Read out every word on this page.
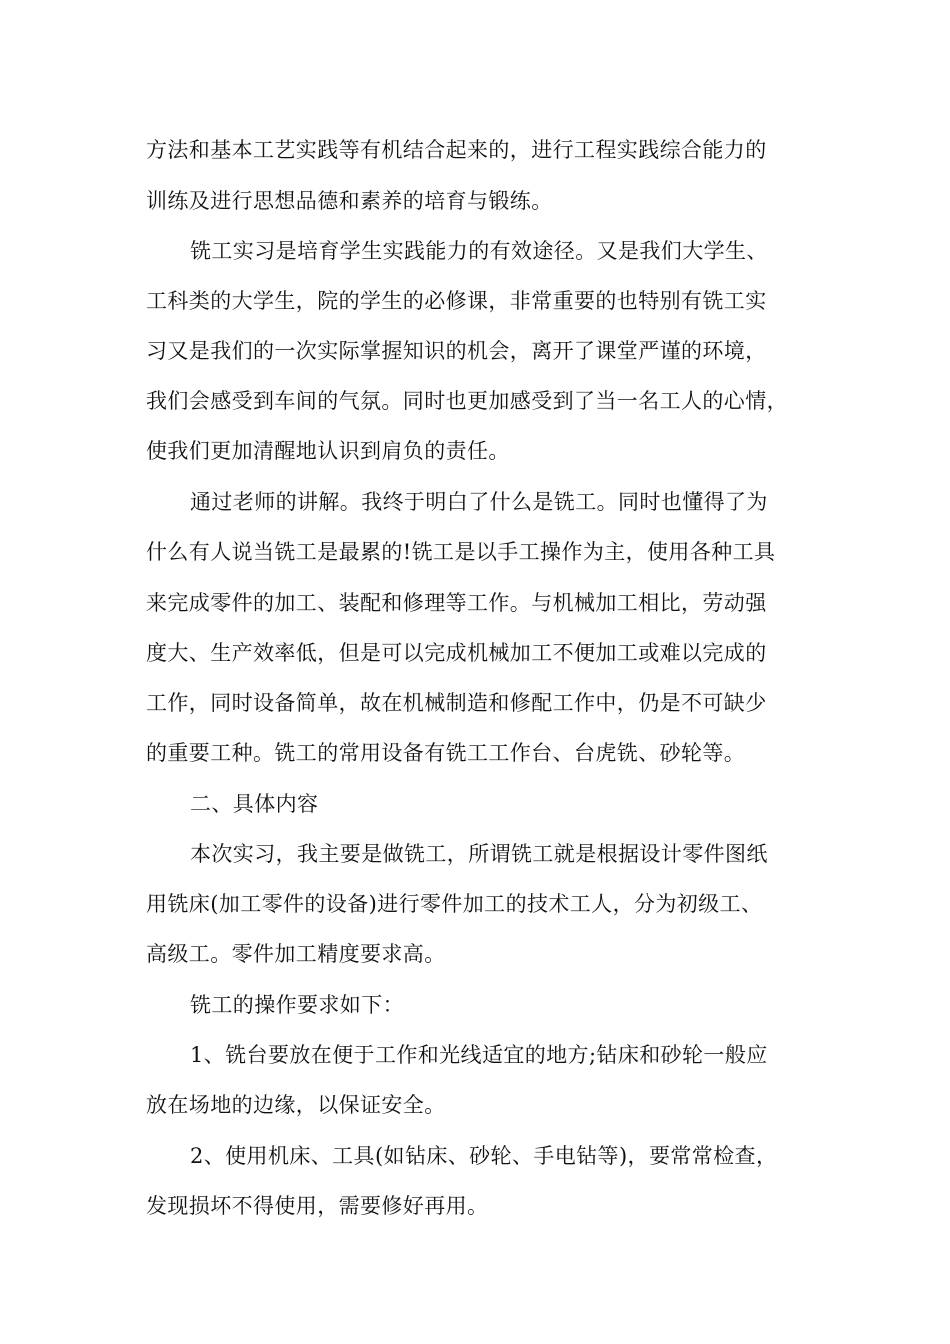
方法和基本工艺实践等有机结合起来的，进行工程实践综合能力的
训练及进行思想品德和素养的培育与锻练。
铣工实习是培育学生实践能力的有效途径。又是我们大学生、
工科类的大学生，院的学生的必修课，非常重要的也特别有铣工实
习又是我们的一次实际掌握知识的机会，离开了课堂严谨的环境，
我们会感受到车间的气氛。同时也更加感受到了当一名工人的心情，
使我们更加清醒地认识到肩负的责任。
通过老师的讲解。我终于明白了什么是铣工。同时也懂得了为
什么有人说当铣工是最累的!铣工是以手工操作为主，使用各种工具
来完成零件的加工、装配和修理等工作。与机械加工相比，劳动强
度大、生产效率低，但是可以完成机械加工不便加工或难以完成的
工作，同时设备简单，故在机械制造和修配工作中，仍是不可缺少
的重要工种。铣工的常用设备有铣工工作台、台虎铣、砂轮等。
二、具体内容
本次实习，我主要是做铣工，所谓铣工就是根据设计零件图纸
用铣床(加工零件的设备)进行零件加工的技术工人，分为初级工、
高级工。零件加工精度要求高。
铣工的操作要求如下：
1、铣台要放在便于工作和光线适宜的地方;钻床和砂轮一般应
放在场地的边缘，以保证安全。
2、使用机床、工具(如钻床、砂轮、手电钻等)，要常常检查，
发现损坏不得使用，需要修好再用。
